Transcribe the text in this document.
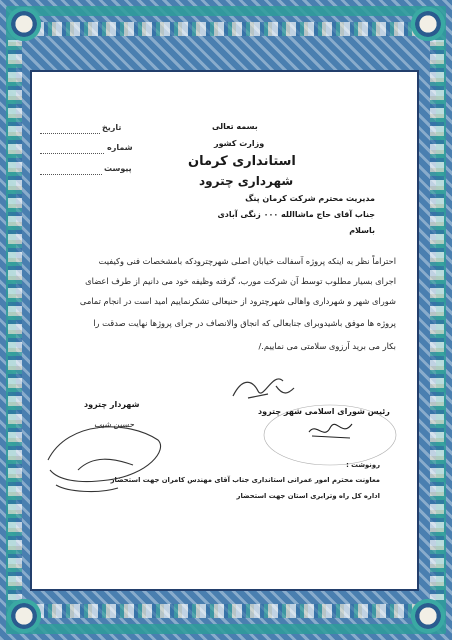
بسمه تعالی
وزارت کشور
استانداری کرمان
شهرداری چترود
تاریخ
شماره
پیوست
مدیریت محترم شرکت کرمان پنگ
جناب آقای حاج ماشاالله ۰۰۰ زنگی آبادی
باسلام
احتراماً نظر به اینکه پروژه آسفالت خیابان اصلی شهرچترودکه بامشخصات فنی وکیفیت
اجرای بسیار مطلوب توسط آن شرکت مورب، گرفته وظیفه خود می دانیم از طرف اعضای
شورای شهر و شهرداری واهالی شهرچترود از حنیعالی تشکرنماییم امید است در انجام تمامی
پروژه ها موفق باشیدوبرای جنابعالی که انجاق والانصاف در جرای پروژها نهایت صدقت را
بکار می برید آرزوی سلامتی می نماییم./
رئیس شورای اسلامی شهر چترود
شهردار چترود
حسین شیب
رونوشت :
معاونت محترم امور عمرانی استانداری جناب آقای مهندس کامران جهت استحضار
اداره کل راه وترابری استان جهت استحضار
